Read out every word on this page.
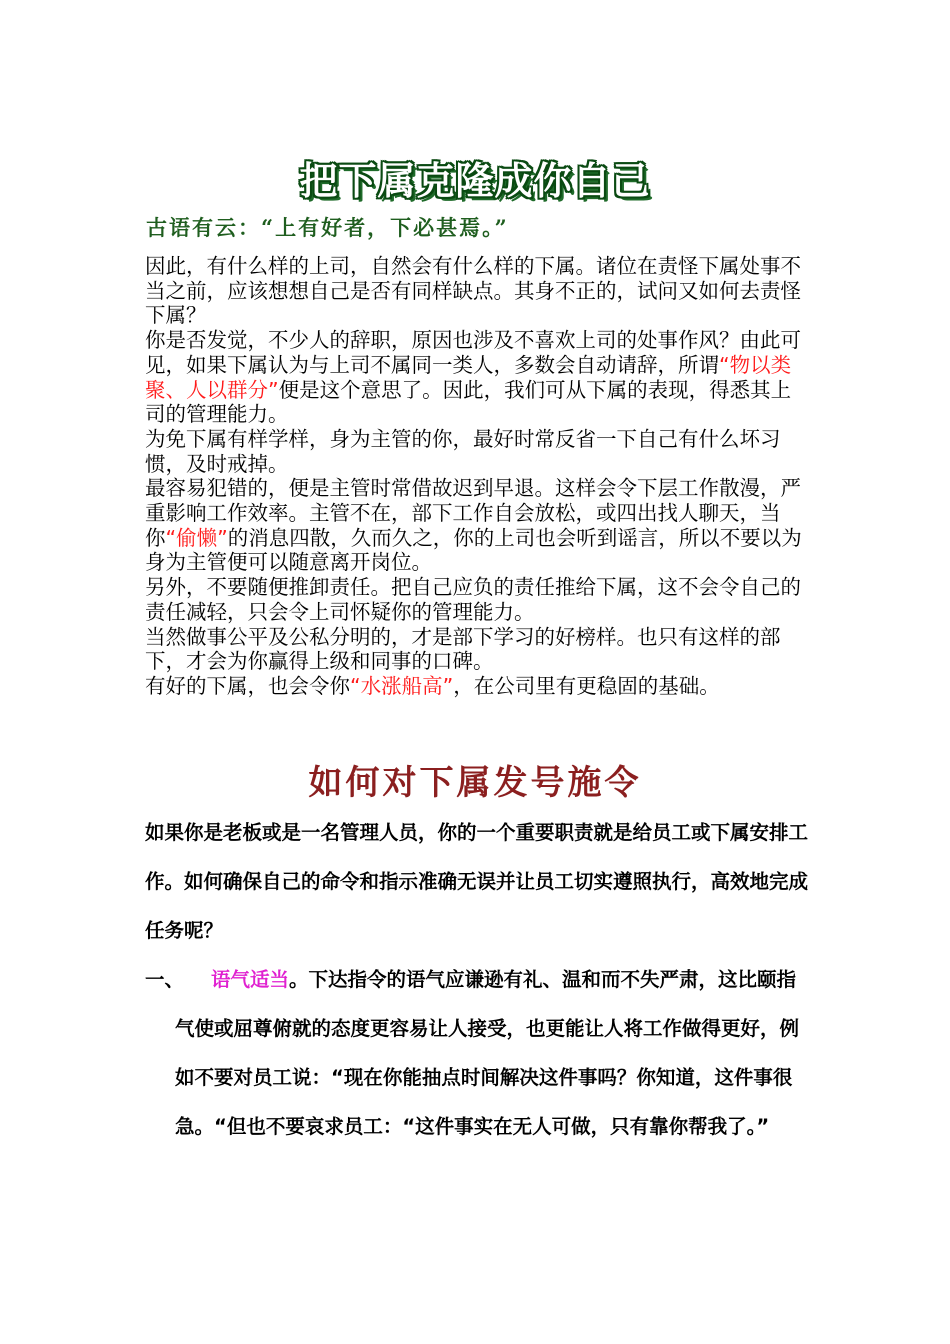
把下属克隆成你自己
古语有云：“上有好者，下必甚焉。”

因此，有什么样的上司，自然会有什么样的下属。诸位在责怪下属处事不当之前，应该想想自己是否有同样缺点。其身不正的，试问又如何去责怪下属？

你是否发觉，不少人的辞职，原因也涉及不喜欢上司的处事作风？由此可见，如果下属认为与上司不属同一类人，多数会自动请辞，所谓“物以类聚、人以群分”便是这个意思了。因此，我们可从下属的表现，得悉其上司的管理能力。

为免下属有样学样，身为主管的你，最好时常反省一下自己有什么坏习惯，及时戒掉。

最容易犯错的，便是主管时常借故迟到早退。这样会令下层工作散漫，严重影响工作效率。主管不在，部下工作自会放松，或四出找人聊天，当你“偷懒”的消息四散，久而久之，你的上司也会听到谣言，所以不要以为身为主管便可以随意离开岗位。

另外，不要随便推卸责任。把自己应负的责任推给下属，这不会令自己的责任减轻，只会令上司怀疑你的管理能力。

当然做事公平及公私分明的，才是部下学习的好榜样。也只有这样的部下，才会为你赢得上级和同事的口碑。

有好的下属，也会令你“水涨船高”，在公司里有更稳固的基础。

如何对下属发号施令

如果你是老板或是一名管理人员，你的一个重要职责就是给员工或下属安排工作。如何确保自己的命令和指示准确无误并让员工切实遵照执行，高效地完成任务呢？

一、	语气适当。下达指令的语气应谦逊有礼、温和而不失严肃，这比颐指气使或屈尊俯就的态度更容易让人接受，也更能让人将工作做得更好，例如不要对员工说：“现在你能抽点时间解决这件事吗？你知道，这件事很急。“但也不要哀求员工：“这件事实在无人可做，只有靠你帮我了。”
